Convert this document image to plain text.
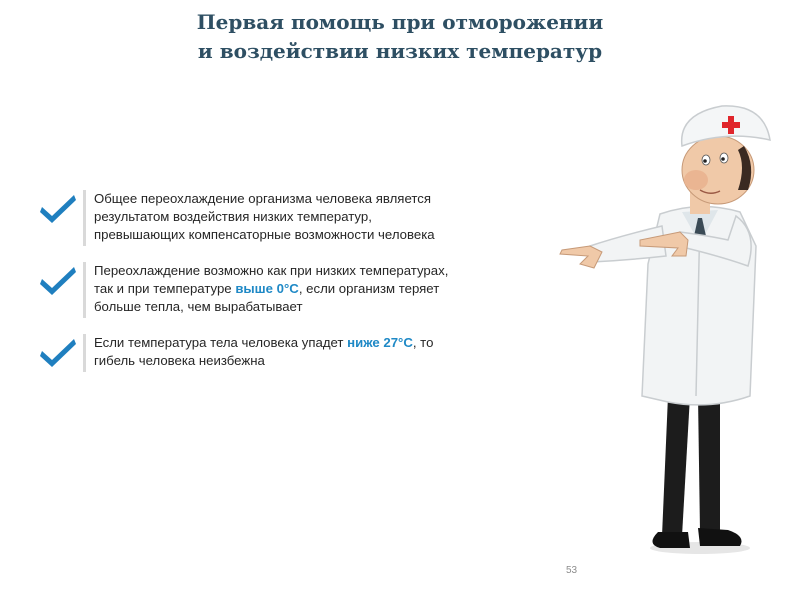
Первая помощь при отморожении
и воздействии низких температур
Общее переохлаждение организма человека является
результатом воздействия низких температур,
превышающих компенсаторные возможности человека
Переохлаждение возможно как при низких температурах,
так и при температуре выше 0°С, если организм теряет
больше тепла, чем вырабатывает
Если температура тела человека упадет ниже 27°С, то
гибель человека неизбежна
53
